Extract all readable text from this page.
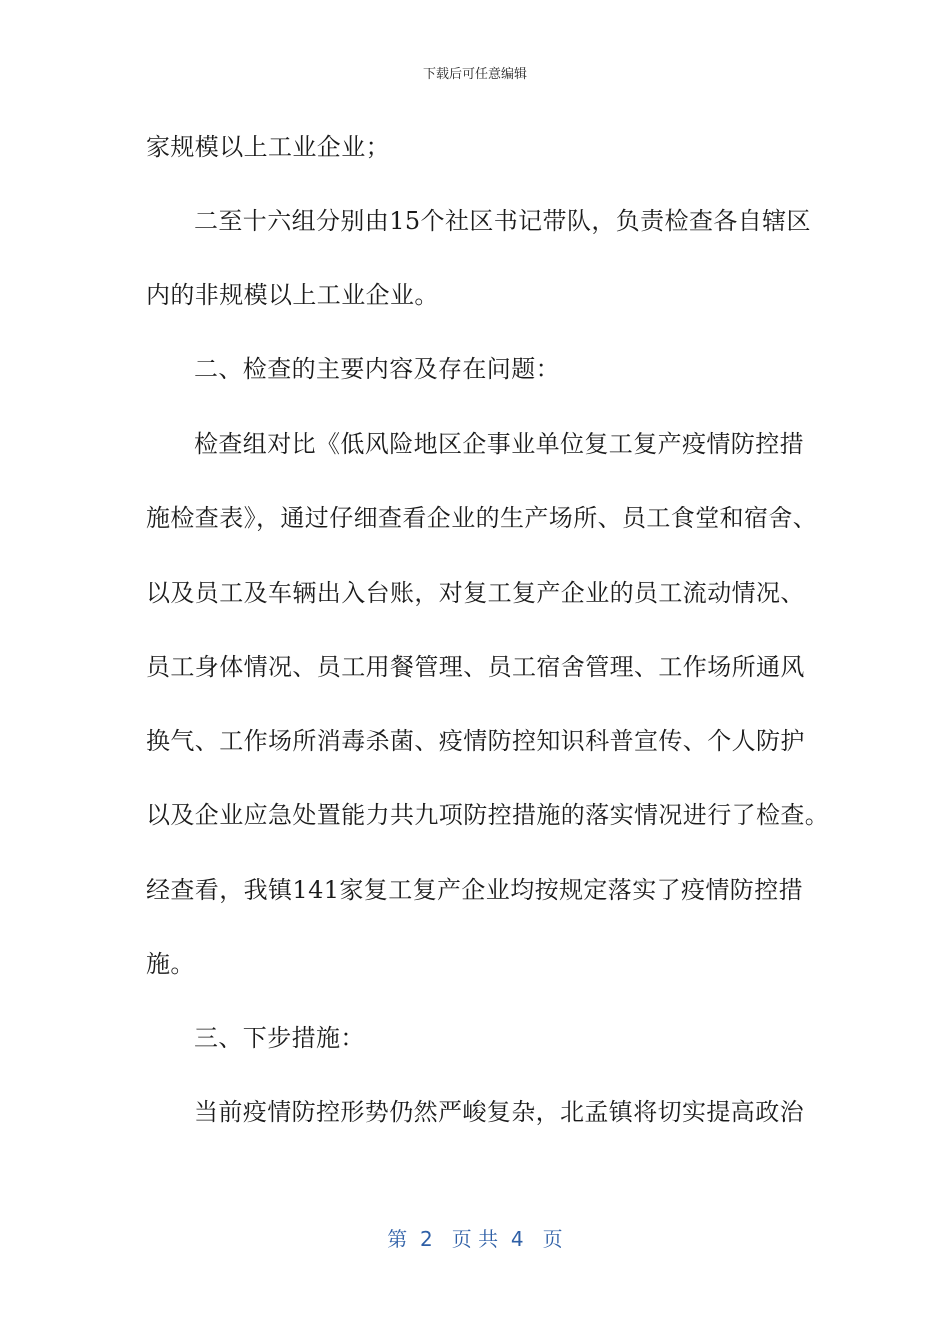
下载后可任意编辑
家规模以上工业企业；
二至十六组分别由15个社区书记带队，负责检查各自辖区
内的非规模以上工业企业。
二、检查的主要内容及存在问题：
检查组对比《低风险地区企事业单位复工复产疫情防控措
施检查表》，通过仔细查看企业的生产场所、员工食堂和宿舍、
以及员工及车辆出入台账，对复工复产企业的员工流动情况、
员工身体情况、员工用餐管理、员工宿舍管理、工作场所通风
换气、工作场所消毒杀菌、疫情防控知识科普宣传、个人防护
以及企业应急处置能力共九项防控措施的落实情况进行了检查。
经查看，我镇141家复工复产企业均按规定落实了疫情防控措
施。
三、下步措施：
当前疫情防控形势仍然严峻复杂，北孟镇将切实提高政治
第  2   页 共  4   页
